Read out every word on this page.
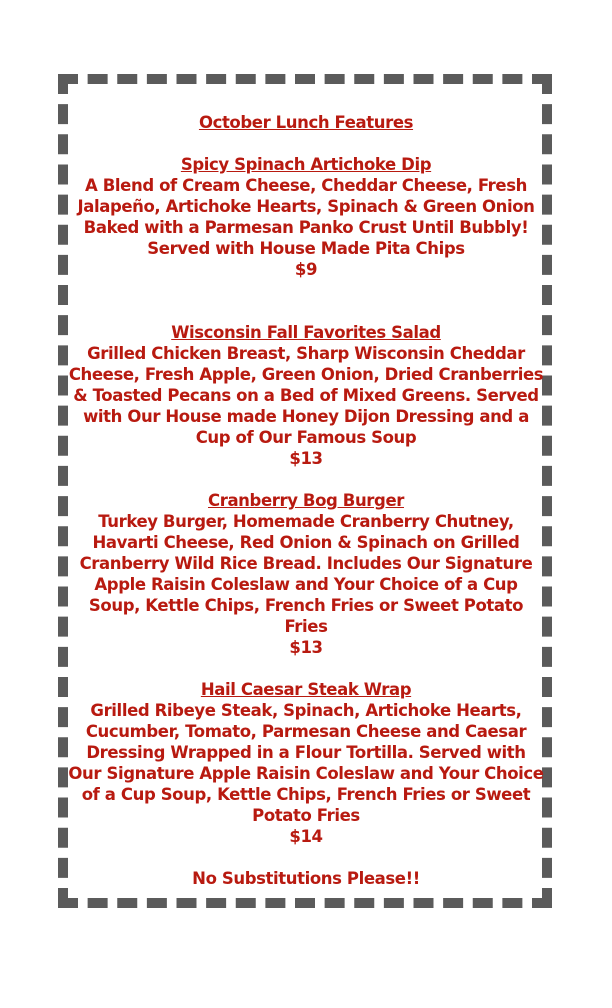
October Lunch Features
Spicy Spinach Artichoke Dip
A Blend of Cream Cheese, Cheddar Cheese, Fresh Jalapeño, Artichoke Hearts, Spinach & Green Onion Baked with a Parmesan Panko Crust Until Bubbly! Served with House Made Pita Chips
$9
Wisconsin Fall Favorites Salad
Grilled Chicken Breast, Sharp Wisconsin Cheddar Cheese, Fresh Apple, Green Onion, Dried Cranberries & Toasted Pecans on a Bed of Mixed Greens. Served with Our House made Honey Dijon Dressing and a Cup of Our Famous Soup
$13
Cranberry Bog Burger
Turkey Burger, Homemade Cranberry Chutney, Havarti Cheese, Red Onion & Spinach on Grilled Cranberry Wild Rice Bread. Includes Our Signature Apple Raisin Coleslaw and Your Choice of a Cup Soup, Kettle Chips, French Fries or Sweet Potato Fries
$13
Hail Caesar Steak Wrap
Grilled Ribeye Steak, Spinach, Artichoke Hearts, Cucumber, Tomato, Parmesan Cheese and Caesar Dressing Wrapped in a Flour Tortilla. Served with Our Signature Apple Raisin Coleslaw and Your Choice of a Cup Soup, Kettle Chips, French Fries or Sweet Potato Fries
$14
No Substitutions Please!!
